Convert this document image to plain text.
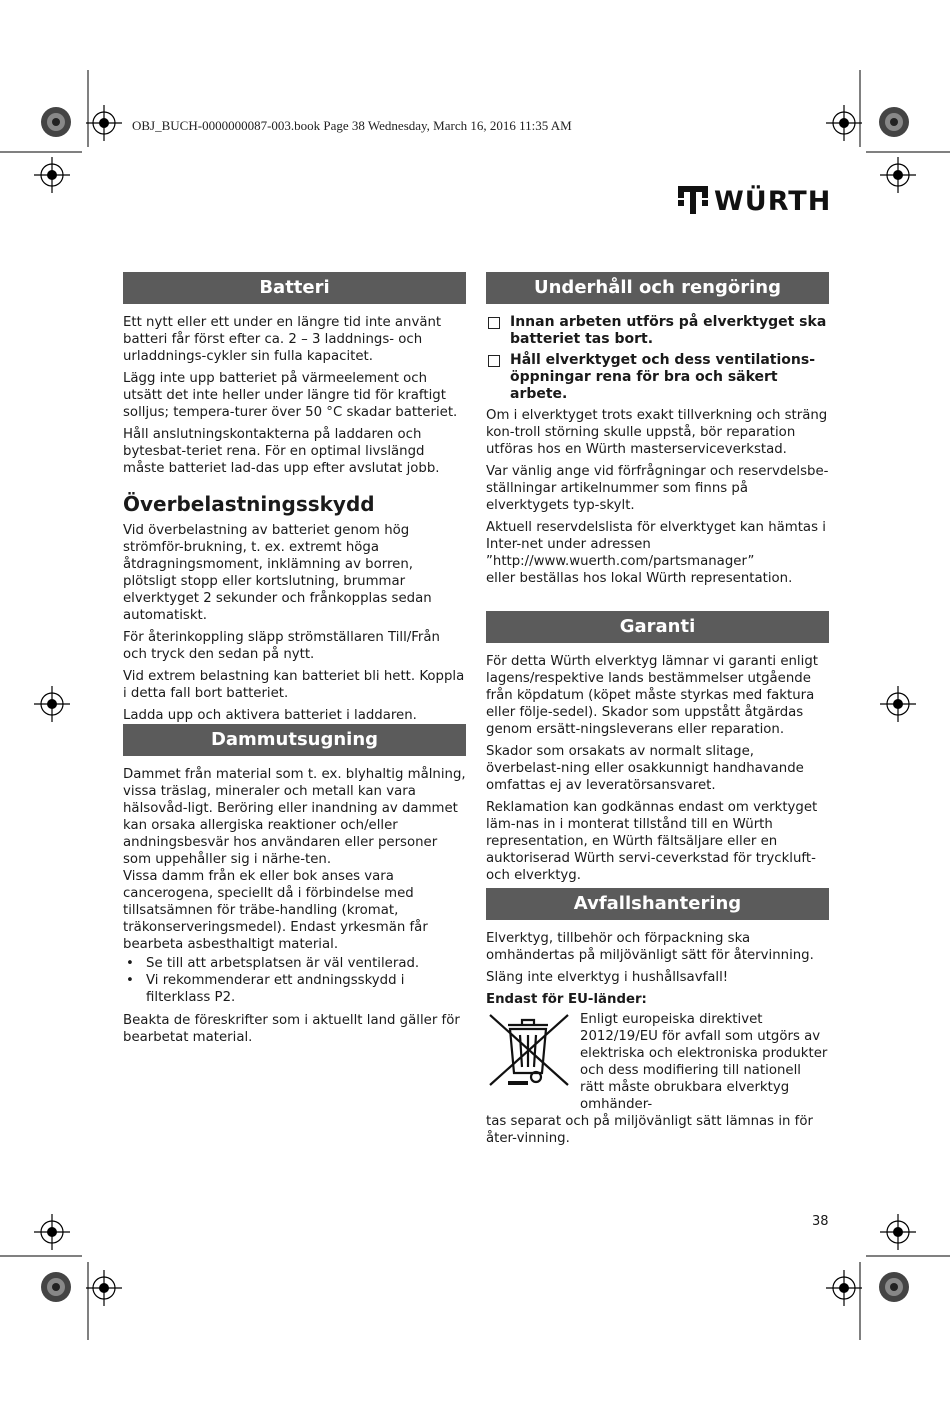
OBJ_BUCH-0000000087-003.book Page 38 Wednesday, March 16, 2016 11:35 AM
WÜRTH
Batteri

Ett nytt eller ett under en längre tid inte använt batteri får först efter ca. 2 – 3 laddnings- och urladdnings-cykler sin fulla kapacitet.

Lägg inte upp batteriet på värmeelement och utsätt det inte heller under längre tid för kraftigt solljus; tempera-turer över 50 °C skadar batteriet.

Håll anslutningskontakterna på laddaren och bytesbat-teriet rena. För en optimal livslängd måste batteriet lad-das upp efter avslutat jobb.

Överbelastningsskydd

Vid överbelastning av batteriet genom hög strömför-brukning, t. ex. extremt höga åtdragningsmoment, inklämning av borren, plötsligt stopp eller kortslutning, brummar elverktyget 2 sekunder och frånkopplas sedan automatiskt.

För återinkoppling släpp strömställaren Till/Från och tryck den sedan på nytt.

Vid extrem belastning kan batteriet bli hett. Koppla i detta fall bort batteriet.

Ladda upp och aktivera batteriet i laddaren.

Dammutsugning

Dammet från material som t. ex. blyhaltig målning, vissa träslag, mineraler och metall kan vara hälsovåd-ligt. Beröring eller inandning av dammet kan orsaka allergiska reaktioner och/eller andningsbesvär hos användaren eller personer som uppehåller sig i närhe-ten.

Vissa damm från ek eller bok anses vara cancerogena, speciellt då i förbindelse med tillsatsämnen för träbe-handling (kromat, träkonserveringsmedel). Endast yrkesmän får bearbeta asbesthaltigt material.

• Se till att arbetsplatsen är väl ventilerad.
• Vi rekommenderar ett andningsskydd i filterklass P2.

Beakta de föreskrifter som i aktuellt land gäller för bearbetat material.

Underhåll och rengöring
Innan arbeten utförs på elverktyget ska batteriet tas bort.
Håll elverktyget och dess ventilations-öppningar rena för bra och säkert arbete.

Om i elverktyget trots exakt tillverkning och sträng kon-troll störning skulle uppstå, bör reparation utföras hos en Würth masterserviceverkstad.

Var vänlig ange vid förfrågningar och reservdelsbe-ställningar artikelnummer som finns på elverktygets typ-skylt.

Aktuell reservdelslista för elverktyget kan hämtas i Inter-net under adressen

”http://www.wuerth.com/partsmanager”

eller beställas hos lokal Würth representation.

Garanti

För detta Würth elverktyg lämnar vi garanti enligt lagens/respektive lands bestämmelser utgående från köpdatum (köpet måste styrkas med faktura eller följe-sedel). Skador som uppstått åtgärdas genom ersätt-ningsleverans eller reparation.

Skador som orsakats av normalt slitage, överbelast-ning eller osakkunnigt handhavande omfattas ej av leveratörsansvaret.

Reklamation kan godkännas endast om verktyget läm-nas in i monterat tillstånd till en Würth representation, en Würth fältsäljare eller en auktoriserad Würth servi-ceverkstad för tryckluft- och elverktyg.

Avfallshantering

Elverktyg, tillbehör och förpackning ska omhändertas på miljövänligt sätt för återvinning.

Släng inte elverktyg i hushållsavfall!

Endast för EU-länder:

Enligt europeiska direktivet 2012/19/EU för avfall som utgörs av elektriska och elektroniska produkter och dess modifiering till nationell rätt måste obrukbara elverktyg omhänder-

tas separat och på miljövänligt sätt lämnas in för åter-vinning.

38
